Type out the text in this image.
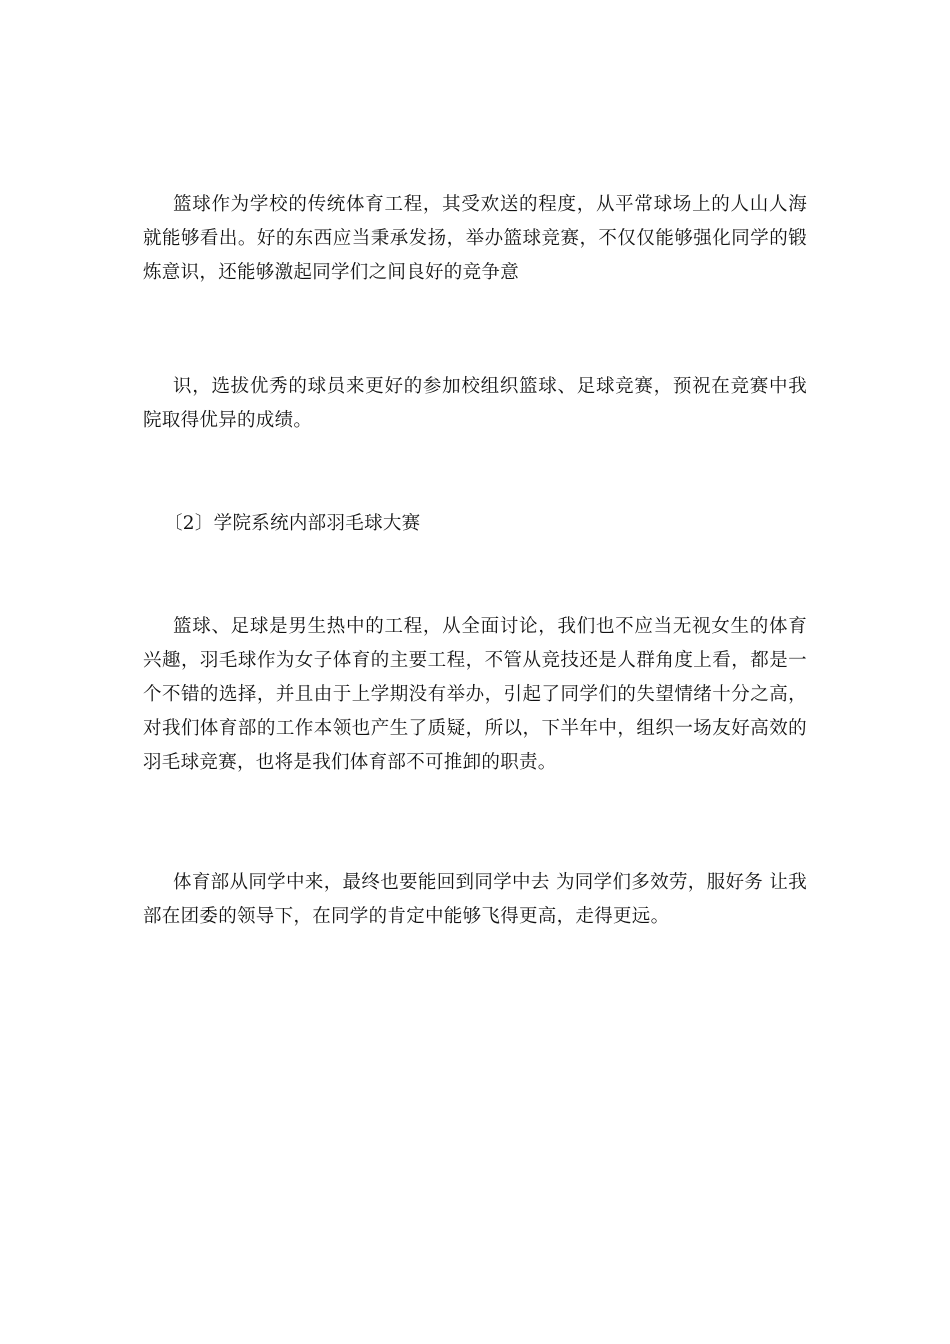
篮球作为学校的传统体育工程，其受欢送的程度，从平常球场上的人山人海就能够看出。好的东西应当秉承发扬，举办篮球竞赛，不仅仅能够强化同学的锻炼意识，还能够激起同学们之间良好的竞争意

识，选拔优秀的球员来更好的参加校组织篮球、足球竞赛，预祝在竞赛中我院取得优异的成绩。

〔2〕学院系统内部羽毛球大赛

篮球、足球是男生热中的工程，从全面讨论，我们也不应当无视女生的体育兴趣，羽毛球作为女子体育的主要工程，不管从竞技还是人群角度上看，都是一个不错的选择，并且由于上学期没有举办，引起了同学们的失望情绪十分之高，对我们体育部的工作本领也产生了质疑，所以，下半年中，组织一场友好高效的羽毛球竞赛，也将是我们体育部不可推卸的职责。

体育部从同学中来，最终也要能回到同学中去 为同学们多效劳，服好务 让我部在团委的领导下，在同学的肯定中能够飞得更高，走得更远。
